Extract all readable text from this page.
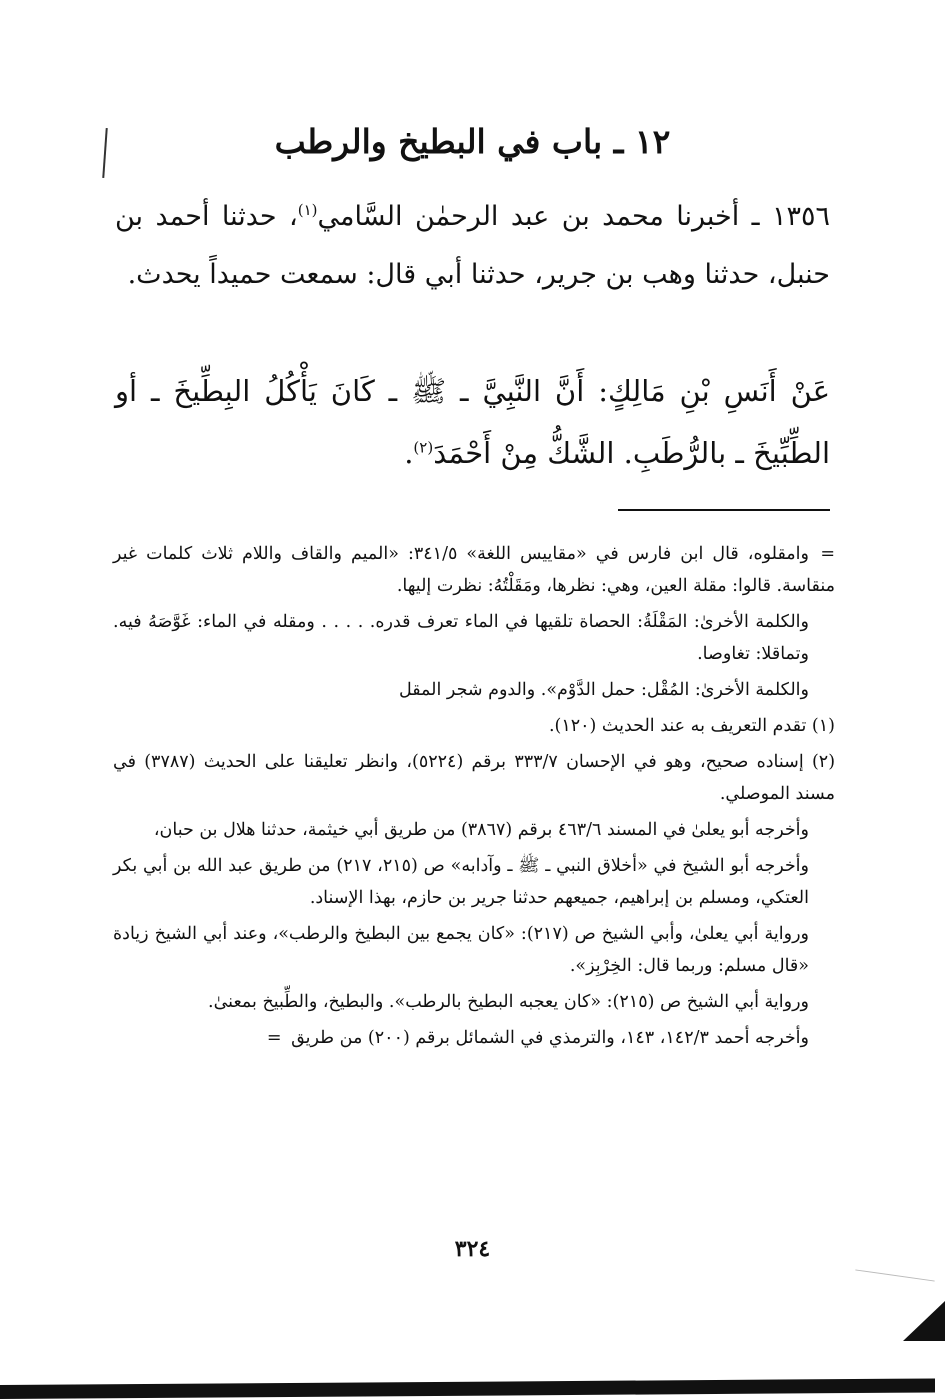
١٢ ـ باب في البطيخ والرطب
١٣٥٦ ـ أخبرنا محمد بن عبد الرحمٰن السَّامي$^{(١)}$، حدثنا أحمد بن حنبل، حدثنا وهب بن جرير، حدثنا أبي قال: سمعت حميداً يحدث.
عَنْ أَنَسِ بْنِ مَالِكٍ: أَنَّ النَّبِيَّ ـ ﷺ ـ كَانَ يَأْكُلُ البِطِّيخَ ـ أو الطِّبِّيخَ ـ بالرُّطَبِ. الشَّكُّ مِنْ أَحْمَدَ$^{(٢)}$.

=وامقلوه، قال ابن فارس في «مقاييس اللغة» ٣٤١/٥: «الميم والقاف واللام ثلاث كلمات غير منقاسة. قالوا: مقلة العين، وهي: نظرها، ومَقَلْتُهُ: نظرت إليها.

والكلمة الأخرىٰ: المَقْلَةُ: الحصاة تلقيها في الماء تعرف قدره. . . . . ومقله في الماء: غَوَّصَهُ فيه. وتماقلا: تغاوصا.

والكلمة الأخرىٰ: المُقْل: حمل الدَّوْم». والدوم شجر المقل

(١) تقدم التعريف به عند الحديث (١٢٠).

(٢) إسناده صحيح، وهو في الإحسان ٣٣٣/٧ برقم (٥٢٢٤)، وانظر تعليقنا على الحديث (٣٧٨٧) في مسند الموصلي.

وأخرجه أبو يعلىٰ في المسند ٤٦٣/٦ برقم (٣٨٦٧) من طريق أبي خيثمة، حدثنا هلال بن حبان،

وأخرجه أبو الشيخ في «أخلاق النبي ـ ﷺ ـ وآدابه» ص (٢١٥، ٢١٧) من طريق عبد الله بن أبي بكر العتكي، ومسلم بن إبراهيم، جميعهم حدثنا جرير بن حازم، بهذا الإسناد.

ورواية أبي يعلىٰ، وأبي الشيخ ص (٢١٧): «كان يجمع بين البطيخ والرطب»، وعند أبي الشيخ زيادة «قال مسلم: وربما قال: الخِرْبِز».

ورواية أبي الشيخ ص (٢١٥): «كان يعجبه البطيخ بالرطب». والبطيخ، والطِّبيخ بمعنىٰ.

وأخرجه أحمد ١٤٢/٣، ١٤٣، والترمذي في الشمائل برقم (٢٠٠) من طريق =

٣٢٤
